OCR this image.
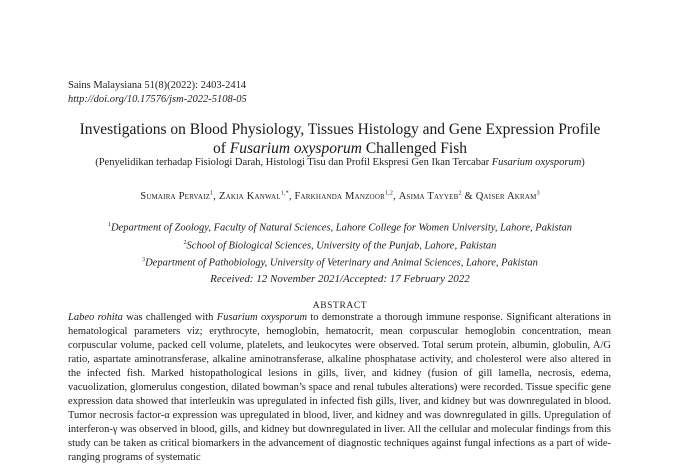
Sains Malaysiana 51(8)(2022): 2403-2414
http://doi.org/10.17576/jsm-2022-5108-05
Investigations on Blood Physiology, Tissues Histology and Gene Expression Profile
of Fusarium oxysporum Challenged Fish
(Penyelidikan terhadap Fisiologi Darah, Histologi Tisu dan Profil Ekspresi Gen Ikan Tercabar Fusarium oxysporum)
Sumaira Pervaiz$^1$, Zakia Kanwal$^{1,*}$, Farkhanda Manzoor$^{1,2}$, Asima Tayyeb$^2$ & Qaiser Akram$^3$
$^1$Department of Zoology, Faculty of Natural Sciences, Lahore College for Women University, Lahore, Pakistan
$^2$School of Biological Sciences, University of the Punjab, Lahore, Pakistan
$^3$Department of Pathobiology, University of Veterinary and Animal Sciences, Lahore, Pakistan
Received: 12 November 2021/Accepted: 17 February 2022
ABSTRACT
Labeo rohita was challenged with Fusarium oxysporum to demonstrate a thorough immune response. Significant alterations in hematological parameters viz; erythrocyte, hemoglobin, hematocrit, mean corpuscular hemoglobin concentration, mean corpuscular volume, packed cell volume, platelets, and leukocytes were observed. Total serum protein, albumin, globulin, A/G ratio, aspartate aminotransferase, alkaline aminotransferase, alkaline phosphatase activity, and cholesterol were also altered in the infected fish. Marked histopathological lesions in gills, liver, and kidney (fusion of gill lamella, necrosis, edema, vacuolization, glomerulus congestion, dilated bowman’s space and renal tubules alterations) were recorded. Tissue specific gene expression data showed that interleukin was upregulated in infected fish gills, liver, and kidney but was downregulated in blood. Tumor necrosis factor-α expression was upregulated in blood, liver, and kidney and was downregulated in gills. Upregulation of interferon-γ was observed in blood, gills, and kidney but downregulated in liver. All the cellular and molecular findings from this study can be taken as critical biomarkers in the advancement of diagnostic techniques against fungal infections as a part of wide-ranging programs of systematic
